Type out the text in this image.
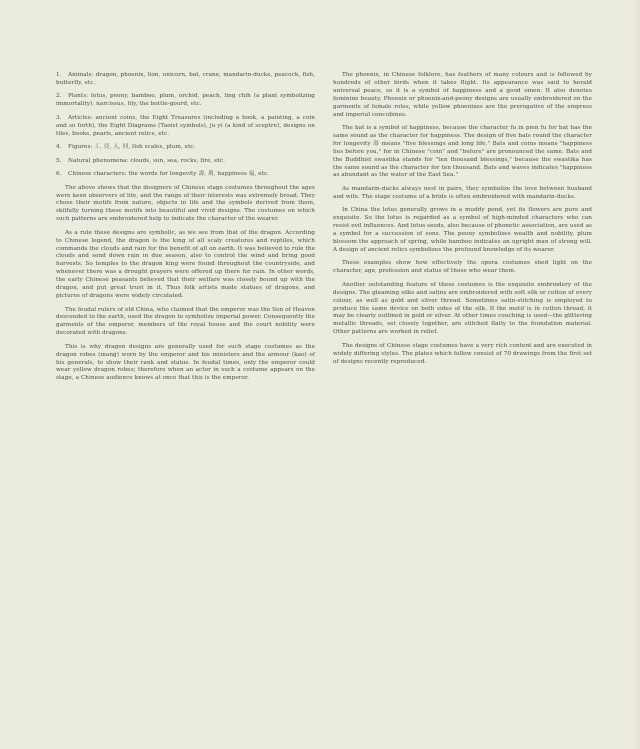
1. Animals: dragon, phoenix, lion, unicorn, bat, crane, mandarin-ducks, peacock, fish, butterfly, etc.

2. Plants: lotus, peony, bamboo, plum, orchid, peach, ling chih (a plant symbolizing immortality), narcissus, lily, the bottle-gourd, etc.

3. Articles: ancient coins, the Eight Treasures (including a book, a painting, a coin and so forth), the Eight Diagrams (Taoist symbols), ju yi (a kind of sceptre), designs on tiles, books, pearls, ancient relics, etc.

4. Figures: 工, 亞, 人, 回, fish scales, plum, etc.

5. Natural phenomena: clouds, sun, sea, rocks, fire, etc.

6. Chinese characters: the words for longevity 壽, 萬, happiness 福, etc.

The above shows that the designers of Chinese stage costumes throughout the ages were keen observers of life, and the range of their interests was extremely broad. They chose their motifs from nature, objects in life and the symbols derived from them, skilfully turning these motifs into beautiful and vivid designs. The costumes on which such patterns are embroidered help to indicate the character of the wearer.

As a rule these designs are symbolic, as we see from that of the dragon. According to Chinese legend, the dragon is the king of all scaly creatures and reptiles, which commands the clouds and rain for the benefit of all on earth. It was believed to rule the clouds and send down rain in due season, also to control the wind and bring good harvests. So temples to the dragon king were found throughout the countryside, and whenever there was a drought prayers were offered up there for rain. In other words, the early Chinese peasants believed that their welfare was closely bound up with the dragon, and put great trust in it. Thus folk artists made statues of dragons, and pictures of dragons were widely circulated.

The feudal rulers of old China, who claimed that the emperor was the Son of Heaven descended to the earth, used the dragon to symbolize imperial power. Consequently the garments of the emperor, members of the royal house and the court nobility were decorated with dragons.

This is why dragon designs are generally used for such stage costumes as the dragon robes (mang) worn by the emperor and his ministers and the armour (kao) of his generals, to show their rank and status. In feudal times, only the emperor could wear yellow dragon robes; therefore when an actor in such a costume appears on the stage, a Chinese audience knows at once that this is the emperor.

The phoenix, in Chinese folklore, has feathers of many colours and is followed by hundreds of other birds when it takes flight. Its appearance was said to herald universal peace, so it is a symbol of happiness and a good omen. It also denotes feminine beauty. Phoenix or phoenix-and-peony designs are usually embroidered on the garments of female roles, while yellow phoenixes are the prerogative of the empress and imperial concubines.

The bat is a symbol of happiness, because the character fu in pien fu for bat has the same sound as the character for happiness. The design of five bats round the character for longevity 壽 means "five blessings and long life." Bats and coins means "happiness lies before you," for in Chinese "coin" and "before" are pronounced the same. Bats and the Buddhist swastika stands for "ten thousand blessings," because the swastika has the same sound as the character for ten thousand. Bats and waves indicates "happiness as abundant as the water of the East Sea."

As mandarin-ducks always nest in pairs, they symbolize the love between husband and wife. The stage costume of a bride is often embroidered with mandarin-ducks.

In China the lotus generally grows in a muddy pond, yet its flowers are pure and exquisite. So the lotus is regarded as a symbol of high-minded characters who can resist evil influences. And lotus seeds, also because of phonetic association, are used as a symbol for a succession of sons. The peony symbolizes wealth and nobility, plum blossom the approach of spring, while bamboo indicates an upright man of strong will. A design of ancient relics symbolizes the profound knowledge of its wearer.

These examples show how effectively the opera costumes shed light on the character, age, profession and status of those who wear them.

Another outstanding feature of these costumes is the exquisite embroidery of the designs. The gleaming silks and satins are embroidered with soft silk or cotton of every colour, as well as gold and silver thread. Sometimes satin-stitching is employed to produce the same device on both sides of the silk. If the motif is in cotton thread, it may be clearly outlined in gold or silver. At other times couching is used—the glittering metallic threads, set closely together, are stitched flatly to the foundation material. Other patterns are worked in relief.

The designs of Chinese stage costumes have a very rich content and are executed in widely differing styles. The plates which follow consist of 70 drawings from the first set of designs recently reproduced.
